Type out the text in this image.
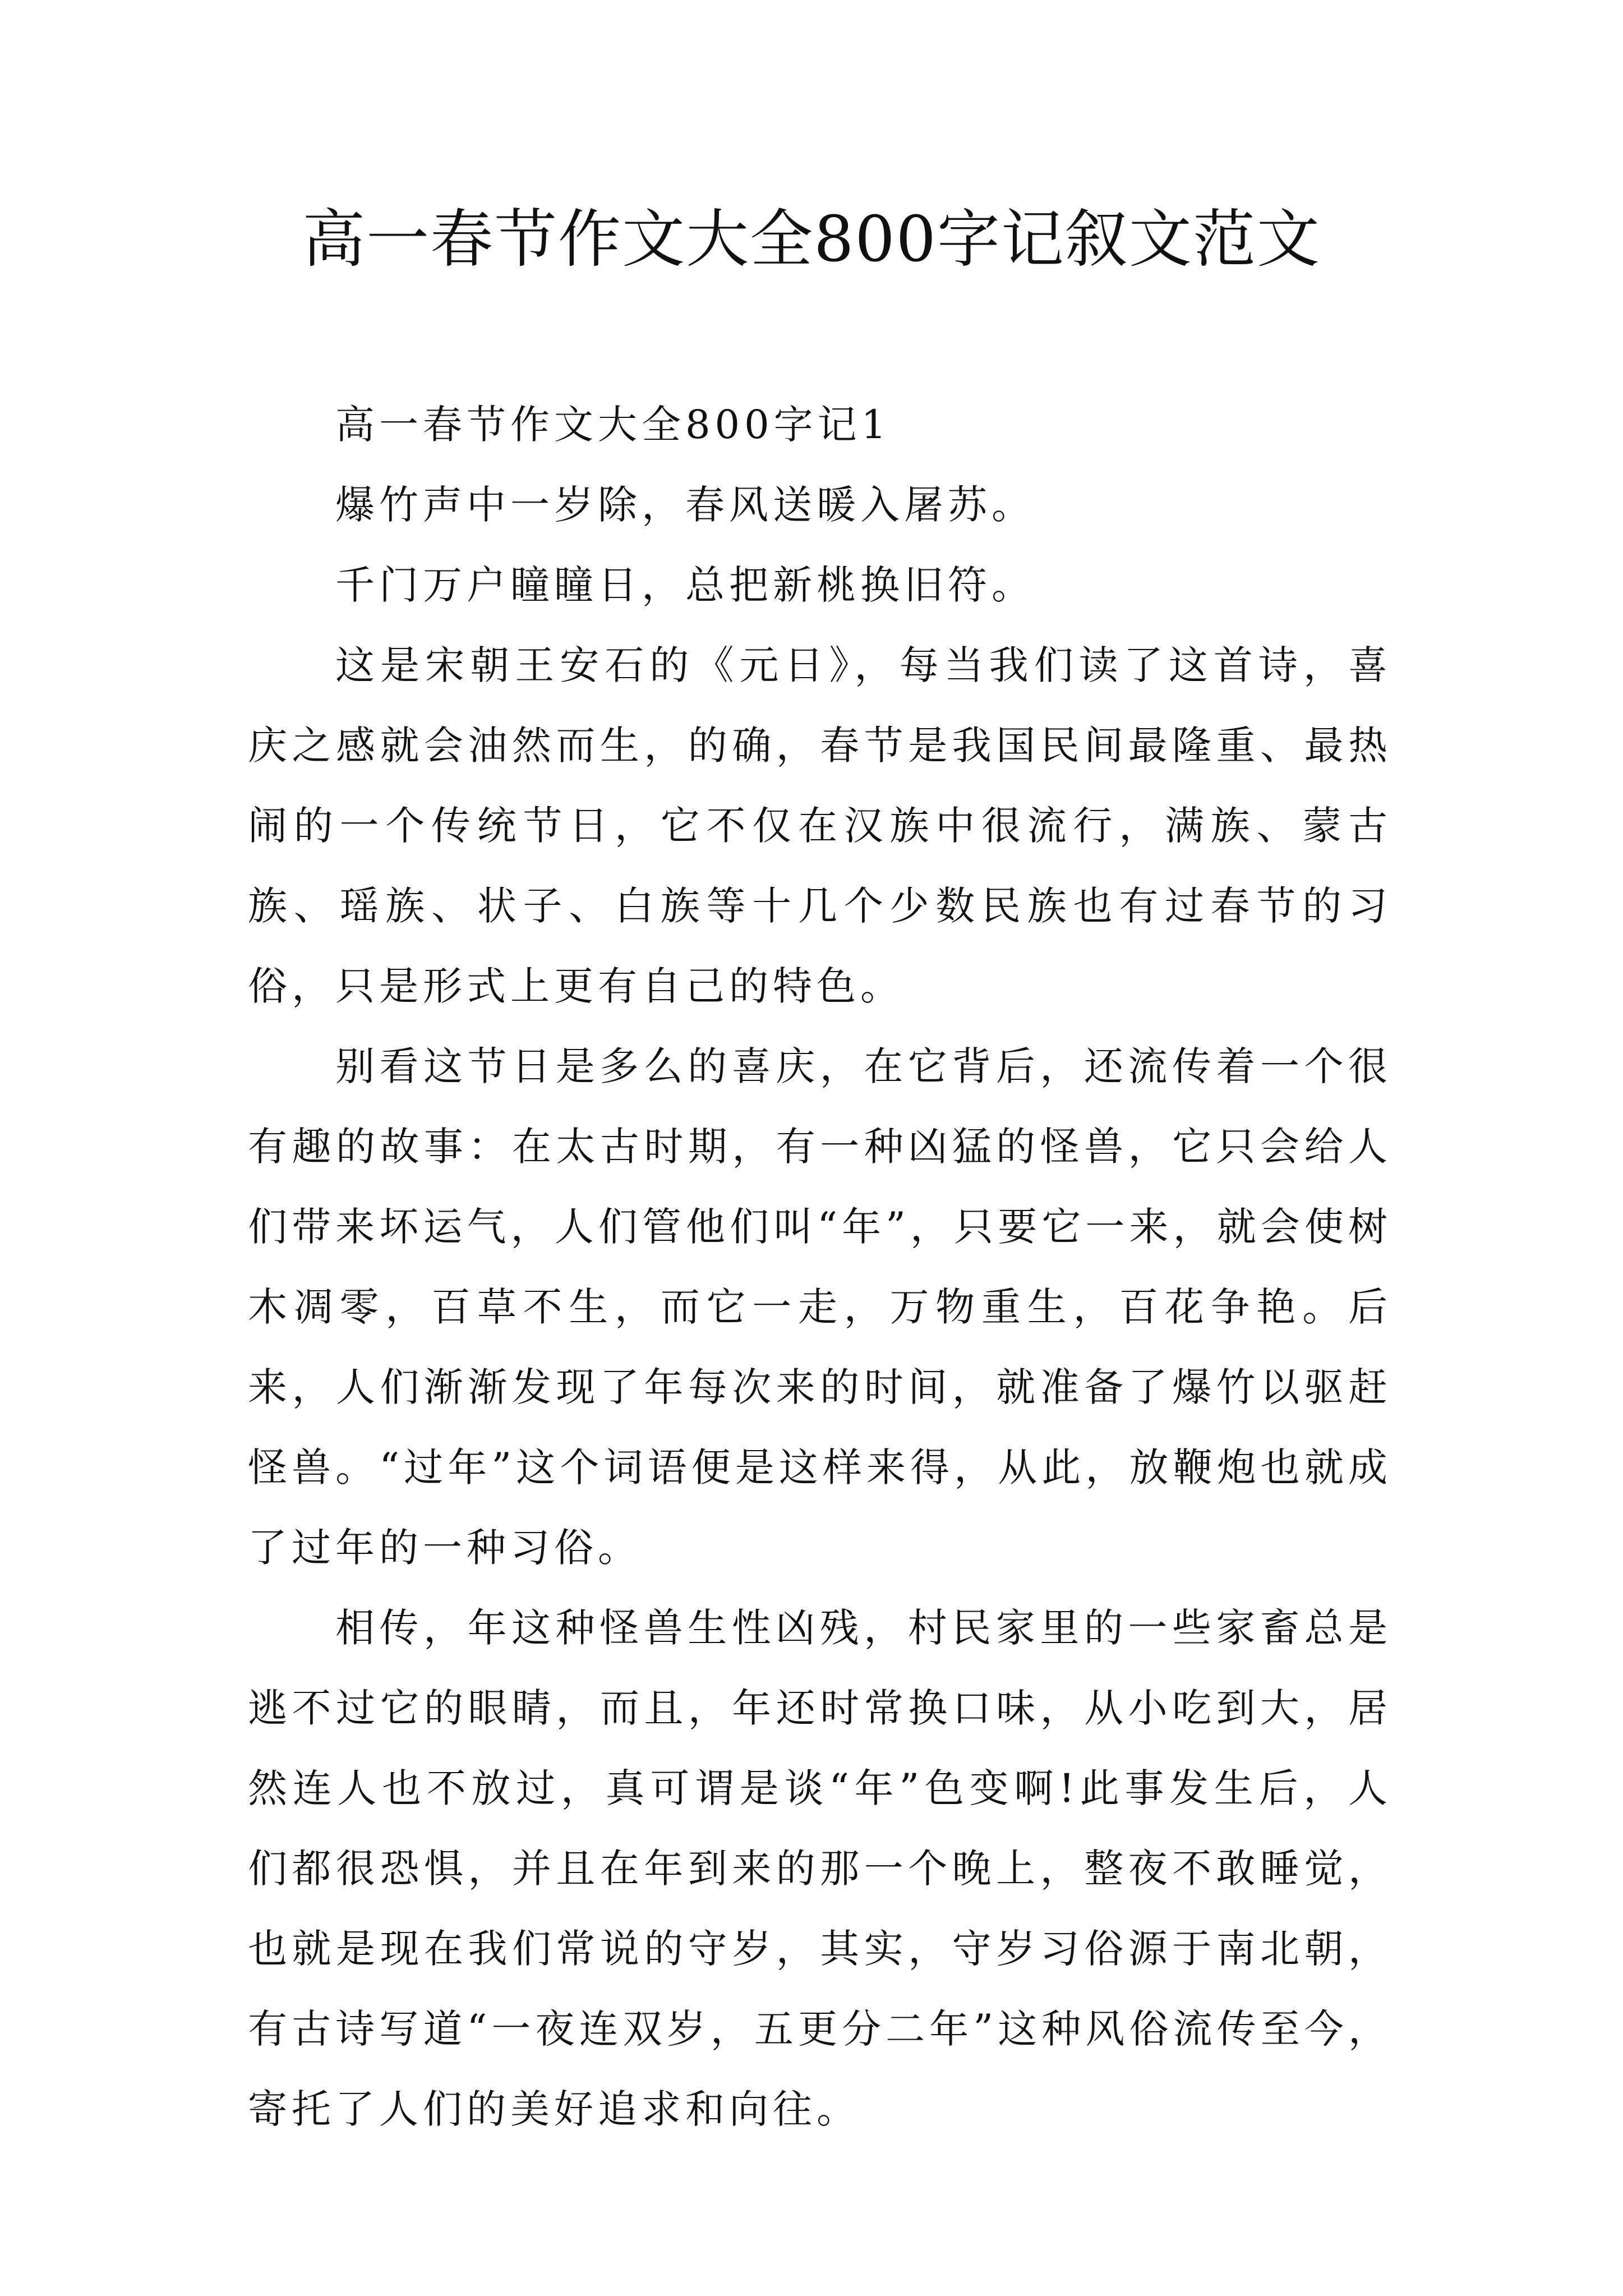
高一春节作文大全800字记叙文范文

高一春节作文大全800字记1

爆竹声中一岁除，春风送暖入屠苏。

千门万户瞳瞳日，总把新桃换旧符。

这是宋朝王安石的《元日》，每当我们读了这首诗，喜庆之感就会油然而生，的确，春节是我国民间最隆重、最热闹的一个传统节日，它不仅在汉族中很流行，满族、蒙古族、瑶族、状子、白族等十几个少数民族也有过春节的习俗，只是形式上更有自己的特色。

别看这节日是多么的喜庆，在它背后，还流传着一个很有趣的故事：在太古时期，有一种凶猛的怪兽，它只会给人们带来坏运气，人们管他们叫“年”，只要它一来，就会使树木凋零，百草不生，而它一走，万物重生，百花争艳。后来，人们渐渐发现了年每次来的时间，就准备了爆竹以驱赶怪兽。“过年”这个词语便是这样来得，从此，放鞭炮也就成了过年的一种习俗。

相传，年这种怪兽生性凶残，村民家里的一些家畜总是逃不过它的眼睛，而且，年还时常换口味，从小吃到大，居然连人也不放过，真可谓是谈“年”色变啊!此事发生后，人们都很恐惧，并且在年到来的那一个晚上，整夜不敢睡觉，也就是现在我们常说的守岁，其实，守岁习俗源于南北朝，有古诗写道“一夜连双岁，五更分二年”这种风俗流传至今，寄托了人们的美好追求和向往。
